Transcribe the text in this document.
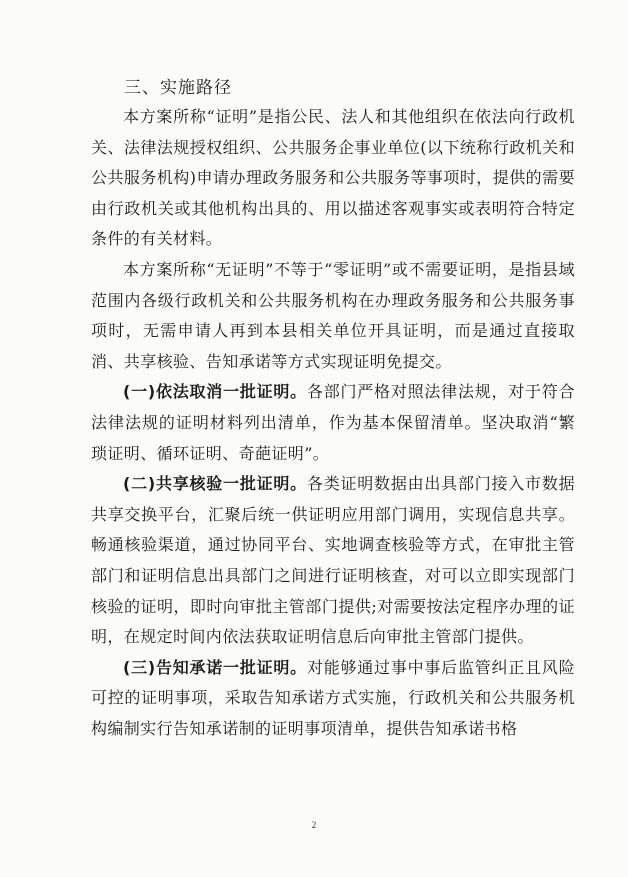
三、实施路径

本方案所称“证明”是指公民、法人和其他组织在依法向行政机关、法律法规授权组织、公共服务企事业单位(以下统称行政机关和公共服务机构)申请办理政务服务和公共服务等事项时，提供的需要由行政机关或其他机构出具的、用以描述客观事实或表明符合特定条件的有关材料。

本方案所称“无证明”不等于“零证明”或不需要证明，是指县域范围内各级行政机关和公共服务机构在办理政务服务和公共服务事项时，无需申请人再到本县相关单位开具证明，而是通过直接取消、共享核验、告知承诺等方式实现证明免提交。

(一)依法取消一批证明。各部门严格对照法律法规，对于符合法律法规的证明材料列出清单，作为基本保留清单。坚决取消“繁琐证明、循环证明、奇葩证明”。

(二)共享核验一批证明。各类证明数据由出具部门接入市数据共享交换平台，汇聚后统一供证明应用部门调用，实现信息共享。畅通核验渠道，通过协同平台、实地调查核验等方式，在审批主管部门和证明信息出具部门之间进行证明核查，对可以立即实现部门核验的证明，即时向审批主管部门提供;对需要按法定程序办理的证明，在规定时间内依法获取证明信息后向审批主管部门提供。

(三)告知承诺一批证明。对能够通过事中事后监管纠正且风险可控的证明事项，采取告知承诺方式实施，行政机关和公共服务机构编制实行告知承诺制的证明事项清单，提供告知承诺书格

2
